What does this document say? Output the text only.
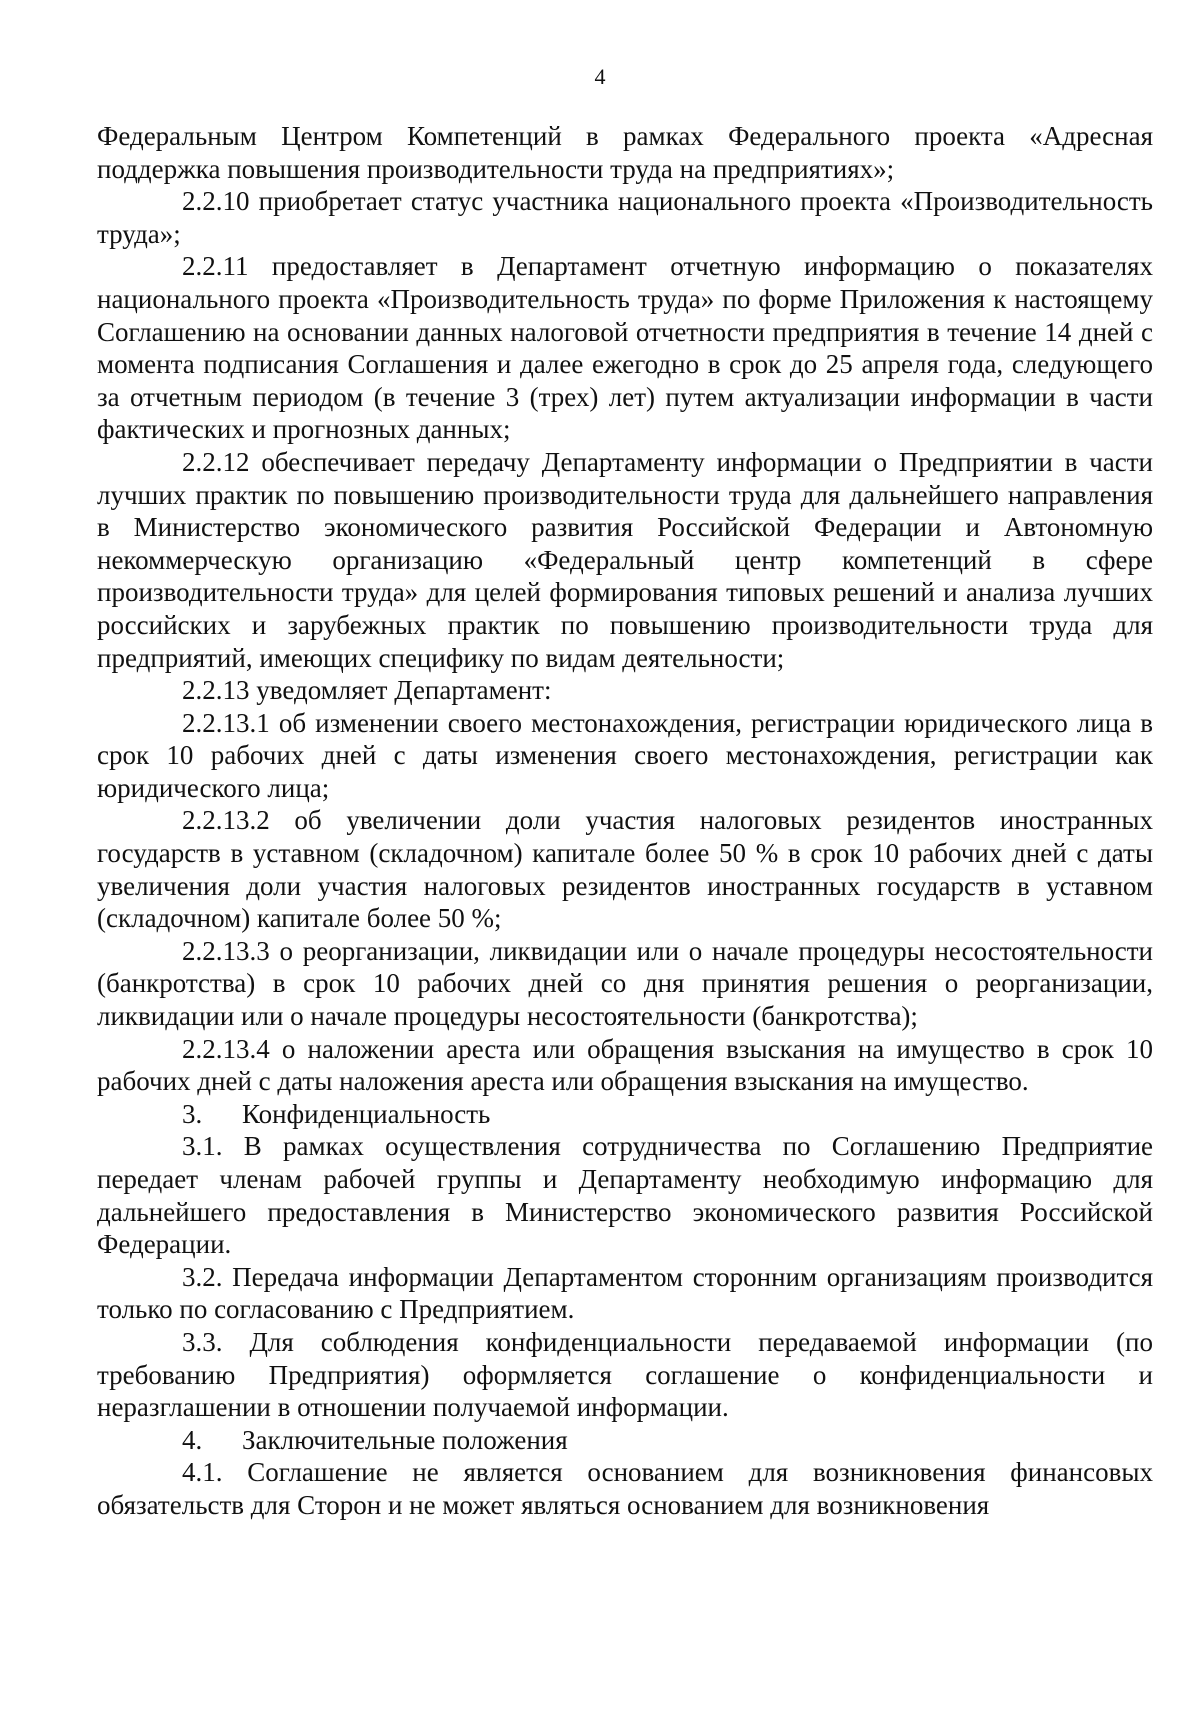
4

Федеральным Центром Компетенций в рамках Федерального проекта «Адресная поддержка повышения производительности труда на предприятиях»;

2.2.10 приобретает статус участника национального проекта «Производительность труда»;

2.2.11 предоставляет в Департамент отчетную информацию о показателях национального проекта «Производительность труда» по форме Приложения к настоящему Соглашению на основании данных налоговой отчетности предприятия в течение 14 дней с момента подписания Соглашения и далее ежегодно в срок до 25 апреля года, следующего за отчетным периодом (в течение 3 (трех) лет) путем актуализации информации в части фактических и прогнозных данных;

2.2.12 обеспечивает передачу Департаменту информации о Предприятии в части лучших практик по повышению производительности труда для дальнейшего направления в Министерство экономического развития Российской Федерации и Автономную некоммерческую организацию «Федеральный центр компетенций в сфере производительности труда» для целей формирования типовых решений и анализа лучших российских и зарубежных практик по повышению производительности труда для предприятий, имеющих специфику по видам деятельности;

2.2.13 уведомляет Департамент:

2.2.13.1 об изменении своего местонахождения, регистрации юридического лица в срок 10 рабочих дней с даты изменения своего местонахождения, регистрации как юридического лица;

2.2.13.2 об увеличении доли участия налоговых резидентов иностранных государств в уставном (складочном) капитале более 50 % в срок 10 рабочих дней с даты увеличения доли участия налоговых резидентов иностранных государств в уставном (складочном) капитале более 50 %;

2.2.13.3 о реорганизации, ликвидации или о начале процедуры несостоятельности (банкротства) в срок 10 рабочих дней со дня принятия решения о реорганизации, ликвидации или о начале процедуры несостоятельности (банкротства);

2.2.13.4 о наложении ареста или обращения взыскания на имущество в срок 10 рабочих дней с даты наложения ареста или обращения взыскания на имущество.

3. Конфиденциальность

3.1. В рамках осуществления сотрудничества по Соглашению Предприятие передает членам рабочей группы и Департаменту необходимую информацию для дальнейшего предоставления в Министерство экономического развития Российской Федерации.

3.2. Передача информации Департаментом сторонним организациям производится только по согласованию с Предприятием.

3.3. Для соблюдения конфиденциальности передаваемой информации (по требованию Предприятия) оформляется соглашение о конфиденциальности и неразглашении в отношении получаемой информации.

4. Заключительные положения

4.1. Соглашение не является основанием для возникновения финансовых обязательств для Сторон и не может являться основанием для возникновения
